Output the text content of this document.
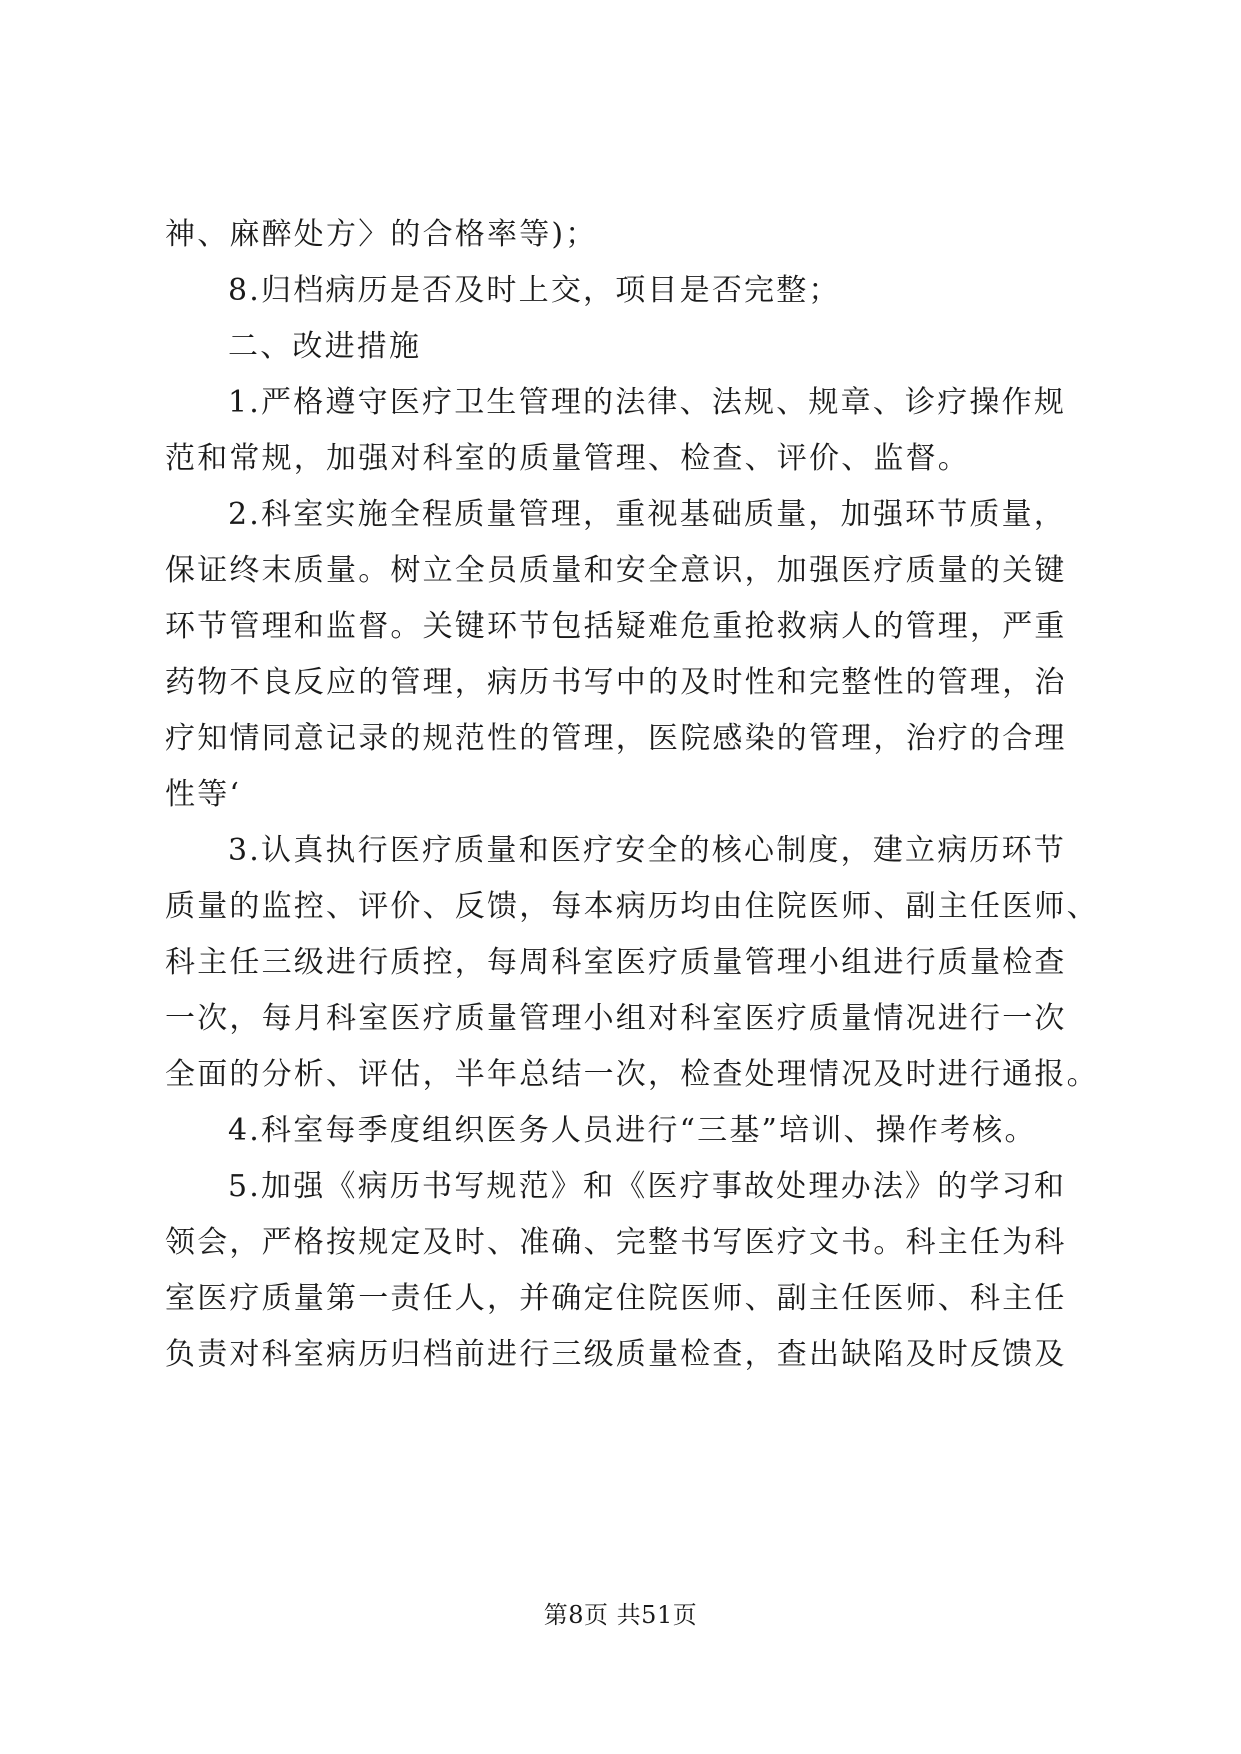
神、麻醉处方〉的合格率等)；
8.归档病历是否及时上交，项目是否完整；
二、改进措施
1.严格遵守医疗卫生管理的法律、法规、规章、诊疗操作规
范和常规，加强对科室的质量管理、检查、评价、监督。
2.科室实施全程质量管理，重视基础质量，加强环节质量，
保证终末质量。树立全员质量和安全意识，加强医疗质量的关键
环节管理和监督。关键环节包括疑难危重抢救病人的管理，严重
药物不良反应的管理，病历书写中的及时性和完整性的管理，治
疗知情同意记录的规范性的管理，医院感染的管理，治疗的合理
性等‘
3.认真执行医疗质量和医疗安全的核心制度，建立病历环节
质量的监控、评价、反馈，每本病历均由住院医师、副主任医师、
科主任三级进行质控，每周科室医疗质量管理小组进行质量检查
一次，每月科室医疗质量管理小组对科室医疗质量情况进行一次
全面的分析、评估，半年总结一次，检查处理情况及时进行通报。
4.科室每季度组织医务人员进行“三基”培训、操作考核。
5.加强《病历书写规范》和《医疗事故处理办法》的学习和
领会，严格按规定及时、准确、完整书写医疗文书。科主任为科
室医疗质量第一责任人，并确定住院医师、副主任医师、科主任
负责对科室病历归档前进行三级质量检查，查出缺陷及时反馈及
第8页 共51页
